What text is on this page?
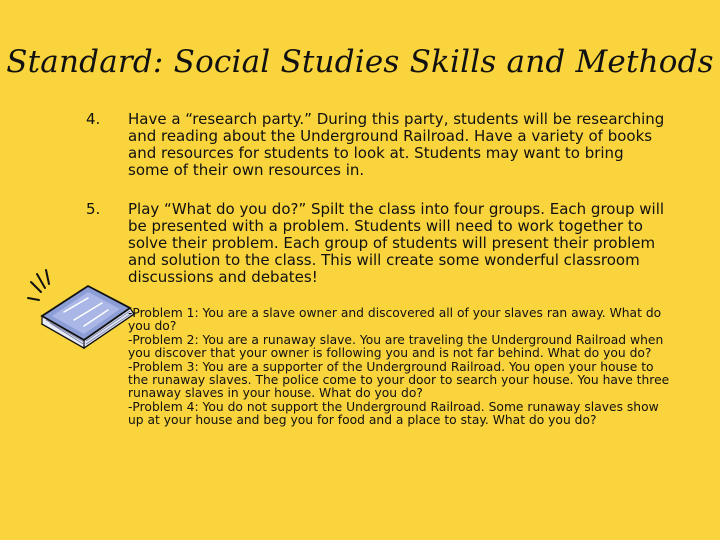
Standard: Social Studies Skills and Methods
4. Have a “research party.” During this party, students will be researching and reading about the Underground Railroad. Have a variety of books and resources for students to look at. Students may want to bring some of their own resources in.
5. Play “What do you do?” Spilt the class into four groups. Each group will be presented with a problem. Students will need to work together to solve their problem. Each group of students will present their problem and solution to the class. This will create some wonderful classroom discussions and debates!

-Problem 1: You are a slave owner and discovered all of your slaves ran away. What do you do?

-Problem 2: You are a runaway slave. You are traveling the Underground Railroad when you discover that your owner is following you and is not far behind. What do you do?

-Problem 3: You are a supporter of the Underground Railroad. You open your house to the runaway slaves. The police come to your door to search your house. You have three runaway slaves in your house. What do you do?

-Problem 4: You do not support the Underground Railroad. Some runaway slaves show up at your house and beg you for food and a place to stay. What do you do?
